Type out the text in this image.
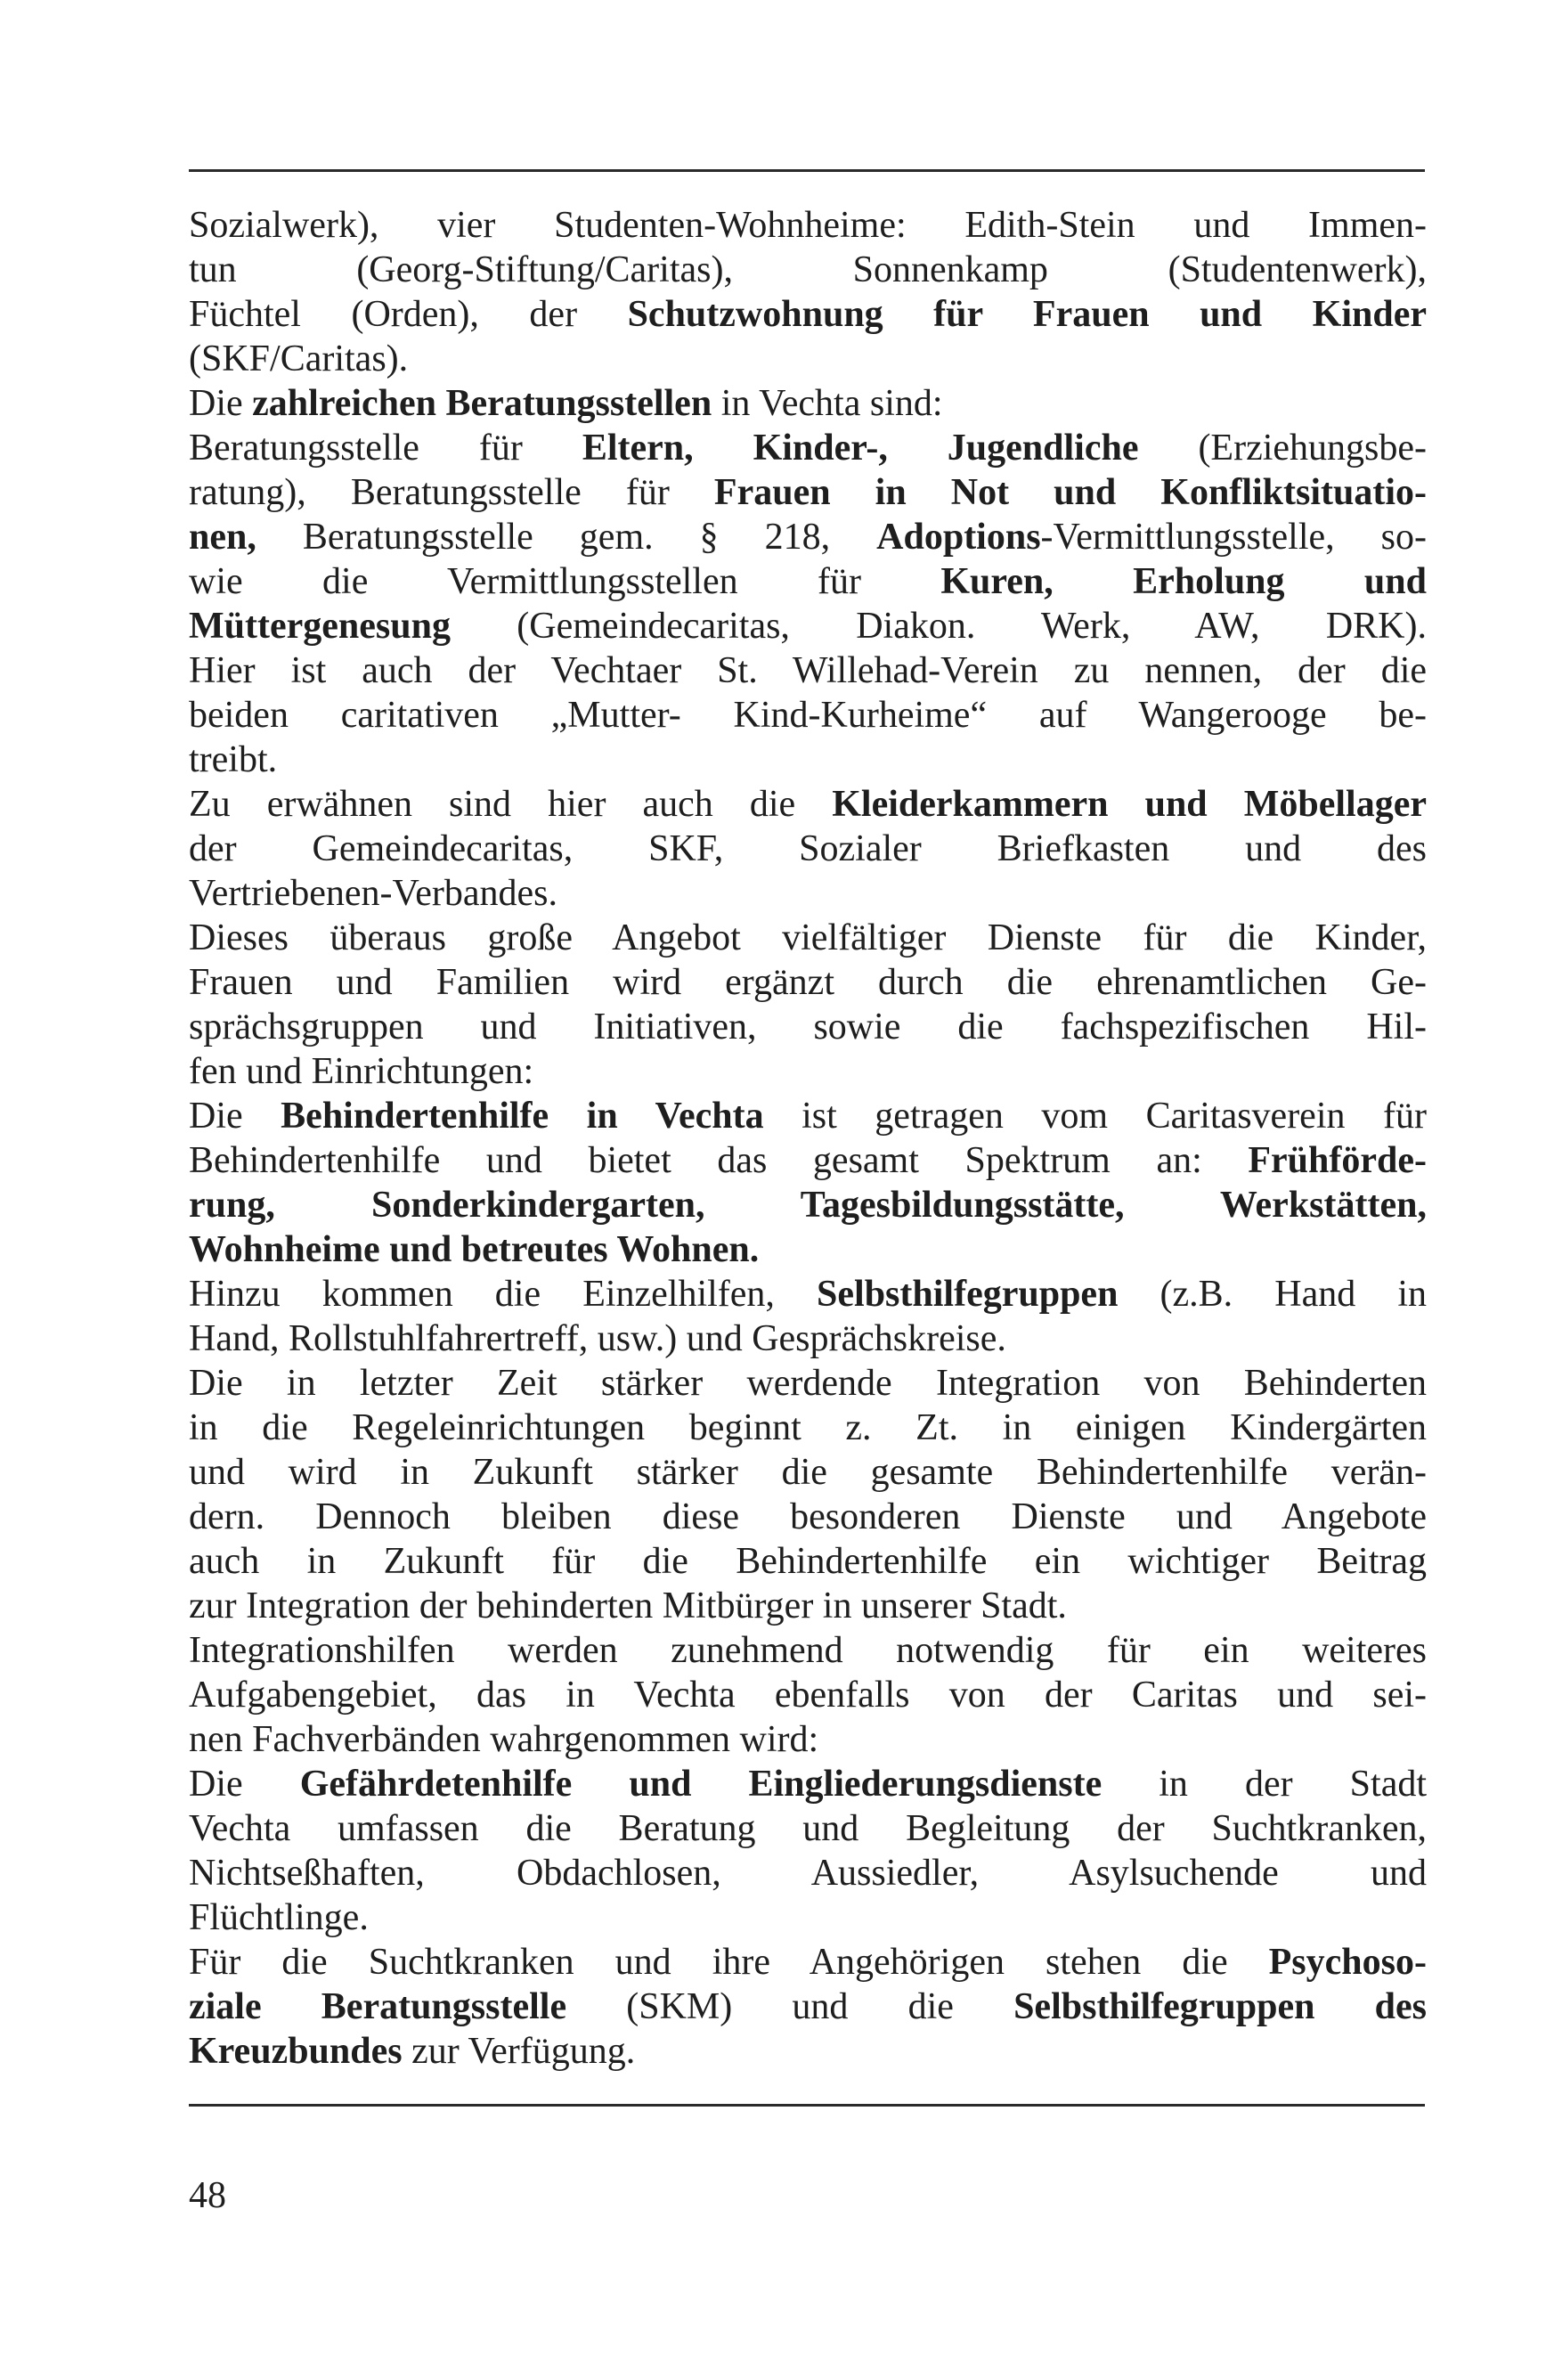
Sozialwerk), vier Studenten-Wohnheime: Edith-Stein und Immen-
tun (Georg-Stiftung/Caritas), Sonnenkamp (Studentenwerk),
Füchtel (Orden), der Schutzwohnung für Frauen und Kinder
(SKF/Caritas).
Die zahlreichen Beratungsstellen in Vechta sind:
Beratungsstelle für Eltern, Kinder-, Jugendliche (Erziehungsbe-
ratung), Beratungsstelle für Frauen in Not und Konfliktsituatio-
nen, Beratungsstelle gem. § 218, Adoptions-Vermittlungsstelle, so-
wie die Vermittlungsstellen für Kuren, Erholung und
Müttergenesung (Gemeindecaritas, Diakon. Werk, AW, DRK).
Hier ist auch der Vechtaer St. Willehad-Verein zu nennen, der die
beiden caritativen „Mutter- Kind-Kurheime“ auf Wangerooge be-
treibt.
Zu erwähnen sind hier auch die Kleiderkammern und Möbellager
der Gemeindecaritas, SKF, Sozialer Briefkasten und des
Vertriebenen-Verbandes.
Dieses überaus große Angebot vielfältiger Dienste für die Kinder,
Frauen und Familien wird ergänzt durch die ehrenamtlichen Ge-
sprächsgruppen und Initiativen, sowie die fachspezifischen Hil-
fen und Einrichtungen:
Die Behindertenhilfe in Vechta ist getragen vom Caritasverein für
Behindertenhilfe und bietet das gesamt Spektrum an: Frühförde-
rung, Sonderkindergarten, Tagesbildungsstätte, Werkstätten,
Wohnheime und betreutes Wohnen.
Hinzu kommen die Einzelhilfen, Selbsthilfegruppen (z.B. Hand in
Hand, Rollstuhlfahrertreff, usw.) und Gesprächskreise.
Die in letzter Zeit stärker werdende Integration von Behinderten
in die Regeleinrichtungen beginnt z. Zt. in einigen Kindergärten
und wird in Zukunft stärker die gesamte Behindertenhilfe verän-
dern. Dennoch bleiben diese besonderen Dienste und Angebote
auch in Zukunft für die Behindertenhilfe ein wichtiger Beitrag
zur Integration der behinderten Mitbürger in unserer Stadt.
Integrationshilfen werden zunehmend notwendig für ein weiteres
Aufgabengebiet, das in Vechta ebenfalls von der Caritas und sei-
nen Fachverbänden wahrgenommen wird:
Die Gefährdetenhilfe und Eingliederungsdienste in der Stadt
Vechta umfassen die Beratung und Begleitung der Suchtkranken,
Nichtseßhaften, Obdachlosen, Aussiedler, Asylsuchende und
Flüchtlinge.
Für die Suchtkranken und ihre Angehörigen stehen die Psychoso-
ziale Beratungsstelle (SKM) und die Selbsthilfegruppen des
Kreuzbundes zur Verfügung.
48
